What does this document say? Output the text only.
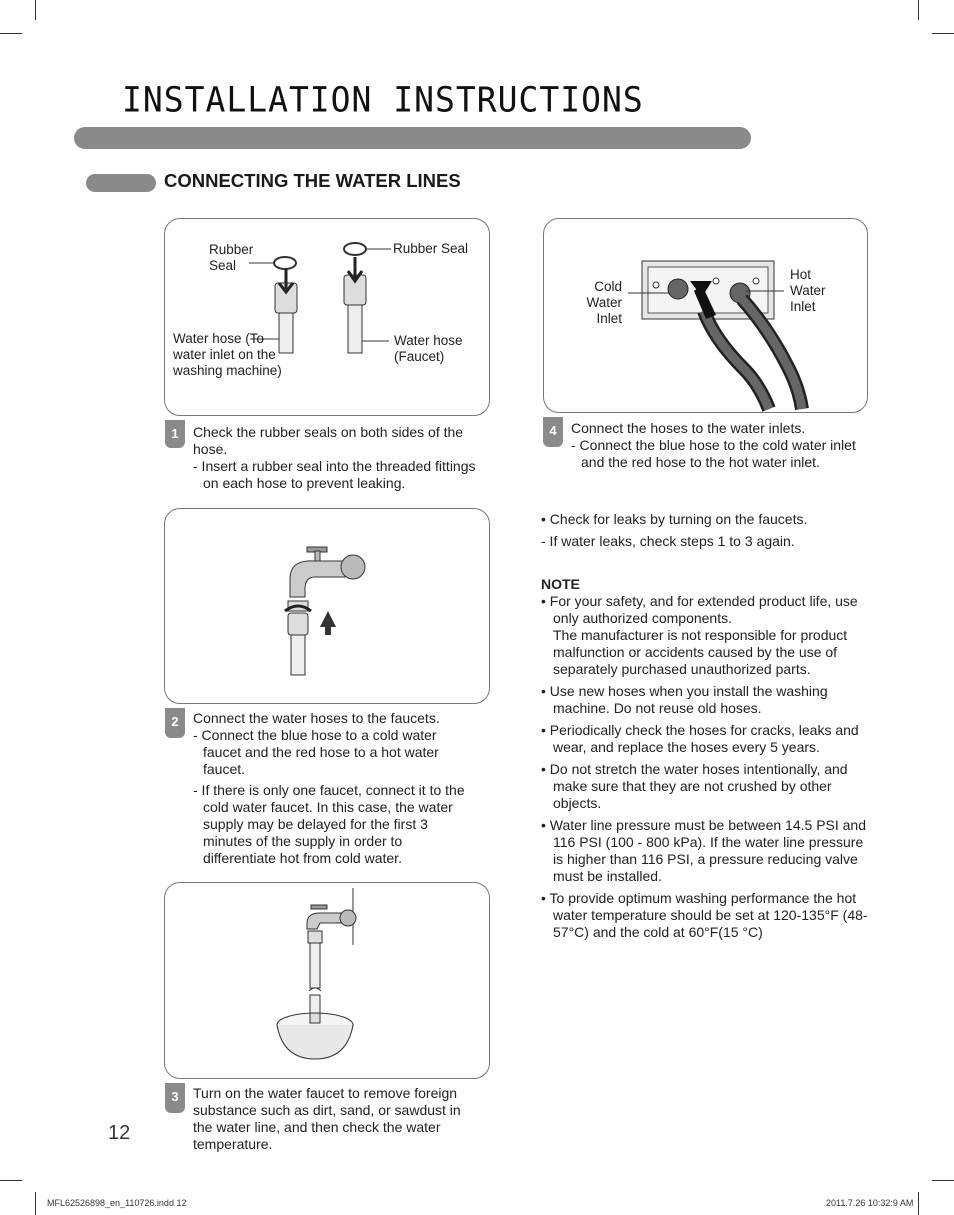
INSTALLATION INSTRUCTIONS
CONNECTING THE WATER LINES
Rubber Seal
Rubber Seal
Water hose (To water inlet on the washing machine)
Water hose (Faucet)
1	Check the rubber seals on both sides of the hose.
- Insert a rubber seal into the threaded fittings on each hose to prevent leaking.
2	Connect the water hoses to the faucets.
- Connect the blue hose to a cold water faucet and the red hose to a hot water faucet.
- If there is only one faucet, connect it to the cold water faucet. In this case, the water supply may be delayed for the first 3 minutes of the supply in order to differentiate hot from cold water.
3	Turn on the water faucet to remove foreign substance such as dirt, sand, or sawdust in the water line, and then check the water temperature.
Cold Water Inlet
Hot Water Inlet
4	Connect the hoses to the water inlets.
- Connect the blue hose to the cold water inlet and the red hose to the hot water inlet.
• Check for leaks by turning on the faucets.
- If water leaks, check steps 1 to 3 again.
NOTE
• For your safety, and for extended product life, use only authorized components.
The manufacturer is not responsible for product malfunction or accidents caused by the use of separately purchased unauthorized parts.
• Use new hoses when you install the washing machine. Do not reuse old hoses.
• Periodically check the hoses for cracks, leaks and wear, and replace the hoses every 5 years.
• Do not stretch the water hoses intentionally, and make sure that they are not crushed by other objects.
• Water line pressure must be between 14.5 PSI and 116 PSI (100 - 800 kPa). If the water line pressure is higher than 116 PSI, a pressure reducing valve must be installed.
• To provide optimum washing performance the hot water temperature should be set at 120-135°F (48-57°C) and the cold at 60°F(15 °C)
12
MFL62526898_en_110726.indd 12	2011.7.26 10:32:9 AM
